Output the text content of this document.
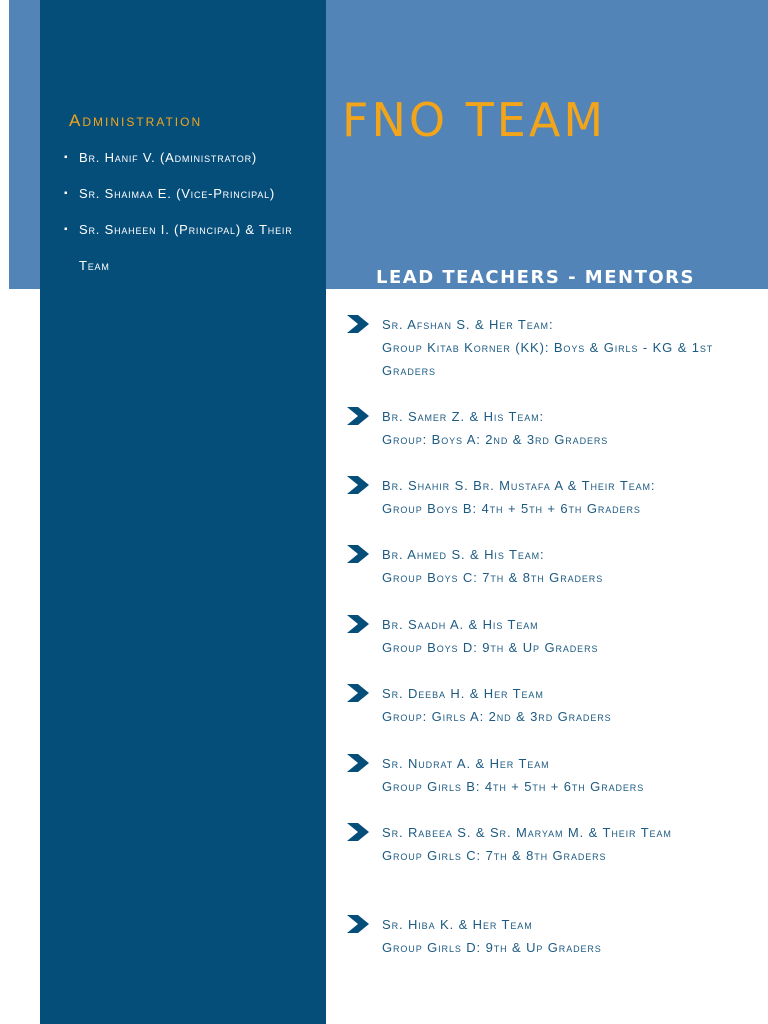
Administration
▪ Br. Hanif V. (Administrator)
▪ Sr. Shaimaa E. (Vice-Principal)
▪ Sr. Shaheen I. (Principal) & Their Team
FNO TEAM
LEAD TEACHERS - MENTORS
Sr. Afshan S. & Her Team:
Group Kitab Korner (KK): Boys & Girls - KG & 1st Graders
Br. Samer Z. & His Team:
Group: Boys A: 2nd & 3rd Graders
Br. Shahir S. Br. Mustafa A & Their Team:
Group Boys B: 4th + 5th + 6th Graders
Br. Ahmed S. & His Team:
Group Boys C: 7th & 8th Graders
Br. Saadh A. & His Team
Group Boys D: 9th & Up Graders
Sr. Deeba H. & Her Team
Group: Girls A: 2nd & 3rd Graders
Sr. Nudrat A. & Her Team
Group Girls B: 4th + 5th + 6th Graders
Sr. Rabeea S. & Sr. Maryam M. & Their Team
Group Girls C: 7th & 8th Graders
Sr. Hiba K. & Her Team
Group Girls D: 9th & Up Graders
